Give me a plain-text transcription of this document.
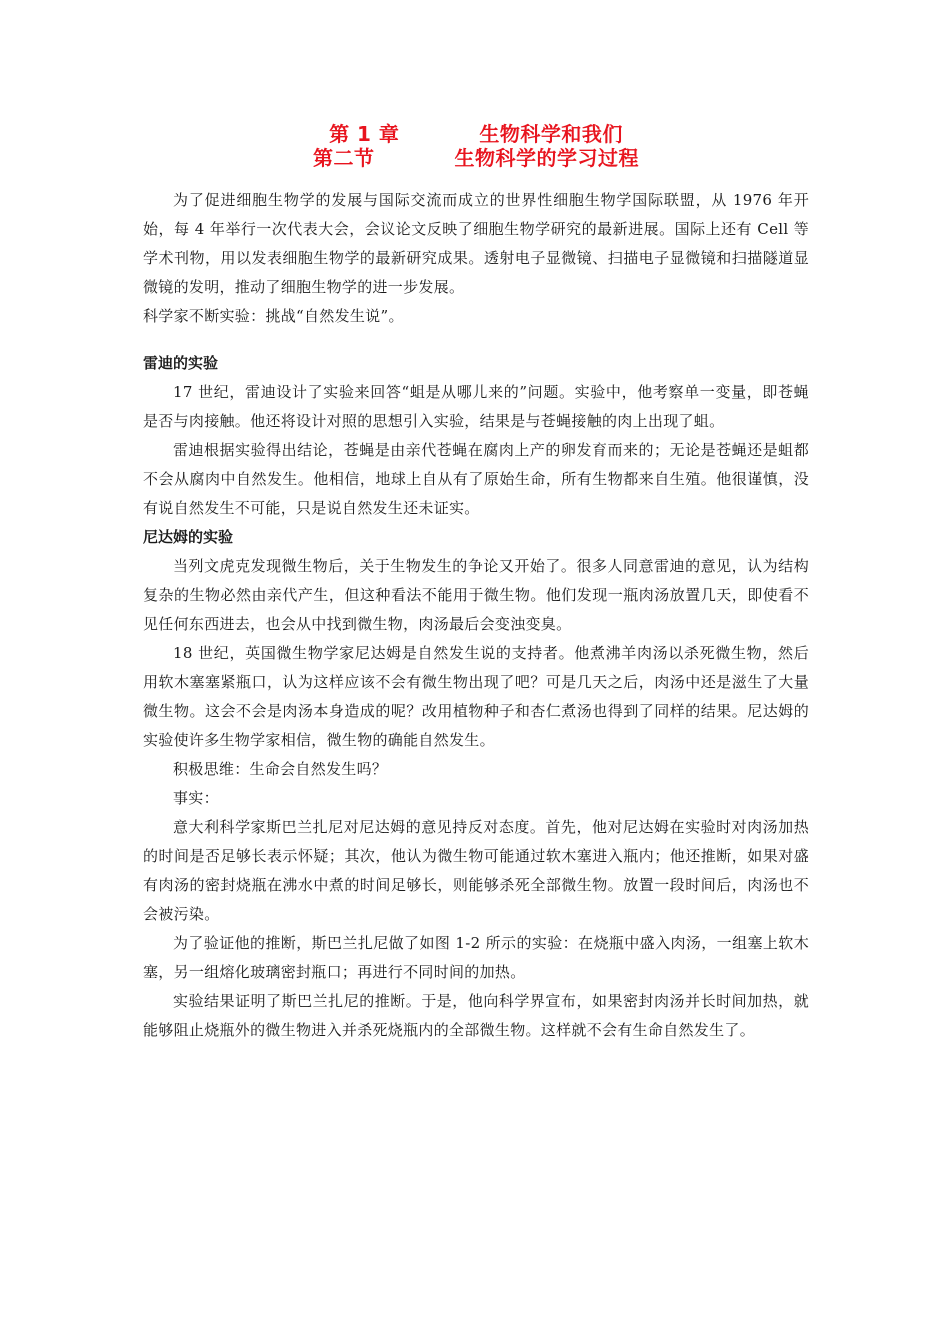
第 1 章	生物科学和我们
第二节	生物科学的学习过程

为了促进细胞生物学的发展与国际交流而成立的世界性细胞生物学国际联盟，从 1976 年开始，每 4 年举行一次代表大会，会议论文反映了细胞生物学研究的最新进展。国际上还有 Cell 等学术刊物，用以发表细胞生物学的最新研究成果。透射电子显微镜、扫描电子显微镜和扫描隧道显微镜的发明，推动了细胞生物学的进一步发展。

科学家不断实验：挑战“自然发生说”。

雷迪的实验

17 世纪，雷迪设计了实验来回答“蛆是从哪儿来的”问题。实验中，他考察单一变量，即苍蝇是否与肉接触。他还将设计对照的思想引入实验，结果是与苍蝇接触的肉上出现了蛆。

雷迪根据实验得出结论，苍蝇是由亲代苍蝇在腐肉上产的卵发育而来的；无论是苍蝇还是蛆都不会从腐肉中自然发生。他相信，地球上自从有了原始生命，所有生物都来自生殖。他很谨慎，没有说自然发生不可能，只是说自然发生还未证实。

尼达姆的实验

当列文虎克发现微生物后，关于生物发生的争论又开始了。很多人同意雷迪的意见，认为结构复杂的生物必然由亲代产生，但这种看法不能用于微生物。他们发现一瓶肉汤放置几天，即使看不见任何东西进去，也会从中找到微生物，肉汤最后会变浊变臭。

18 世纪，英国微生物学家尼达姆是自然发生说的支持者。他煮沸羊肉汤以杀死微生物，然后用软木塞塞紧瓶口，认为这样应该不会有微生物出现了吧？可是几天之后，肉汤中还是滋生了大量微生物。这会不会是肉汤本身造成的呢？改用植物种子和杏仁煮汤也得到了同样的结果。尼达姆的实验使许多生物学家相信，微生物的确能自然发生。

积极思维：生命会自然发生吗？

事实：

意大利科学家斯巴兰扎尼对尼达姆的意见持反对态度。首先，他对尼达姆在实验时对肉汤加热的时间是否足够长表示怀疑；其次，他认为微生物可能通过软木塞进入瓶内；他还推断，如果对盛有肉汤的密封烧瓶在沸水中煮的时间足够长，则能够杀死全部微生物。放置一段时间后，肉汤也不会被污染。

为了验证他的推断，斯巴兰扎尼做了如图 1-2 所示的实验：在烧瓶中盛入肉汤，一组塞上软木塞，另一组熔化玻璃密封瓶口；再进行不同时间的加热。

实验结果证明了斯巴兰扎尼的推断。于是，他向科学界宣布，如果密封肉汤并长时间加热，就能够阻止烧瓶外的微生物进入并杀死烧瓶内的全部微生物。这样就不会有生命自然发生了。
